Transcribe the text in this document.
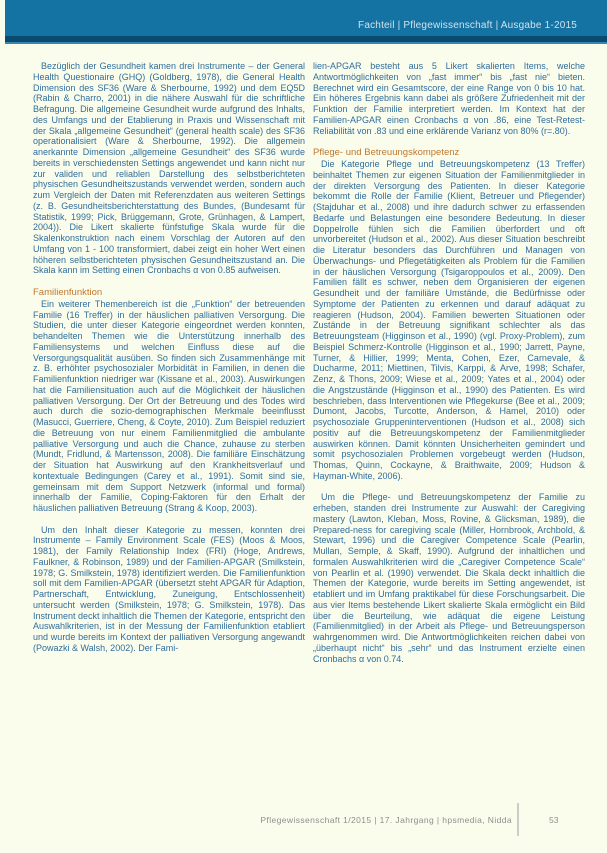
Fachteil | Pflegewissenschaft | Ausgabe 1-2015

Bezüglich der Gesundheit kamen drei Instrumente – der General Health Questionaire (GHQ) (Goldberg, 1978), die General Health Dimension des SF36 (Ware & Sherbourne, 1992) und dem EQ5D (Rabin & Charro, 2001) in die nähere Auswahl für die schriftliche Befragung. Die allgemeine Gesundheit wurde aufgrund des Inhalts, des Umfangs und der Etablierung in Praxis und Wissenschaft mit der Skala „allgemeine Gesundheit“ (general health scale) des SF36 operationalisiert (Ware & Sherbourne, 1992). Die allgemein anerkannte Dimension „allgemeine Gesundheit“ des SF36 wurde bereits in verschiedensten Settings angewendet und kann nicht nur zur validen und reliablen Darstellung des selbstberichteten physischen Gesundheitszustands verwendet werden, sondern auch zum Vergleich der Daten mit Referenzdaten aus weiteren Settings (z. B. Gesundheitsberichterstattung des Bundes, (Bundesamt für Statistik, 1999; Pick, Brüggemann, Grote, Grünhagen, & Lampert, 2004)). Die Likert skalierte fünfstufige Skala wurde für die Skalenkonstruktion nach einem Vorschlag der Autoren auf den Umfang von 1 - 100 transformiert, dabei zeigt ein hoher Wert einen höheren selbstberichteten physischen Gesundheitszustand an. Die Skala kann im Setting einen Cronbachs α von 0.85 aufweisen.

Familienfunktion

Ein weiterer Themenbereich ist die „Funktion“ der betreuenden Familie (16 Treffer) in der häuslichen palliativen Versorgung. Die Studien, die unter dieser Kategorie eingeordnet werden konnten, behandelten Themen wie die Unterstützung innerhalb des Familiensystems und welchen Einfluss diese auf die Versorgungsqualität ausüben. So finden sich Zusammenhänge mit z. B. erhöhter psychosozialer Morbidität in Familien, in denen die Familienfunktion niedriger war (Kissane et al., 2003). Auswirkungen hat die Familiensituation auch auf die Möglichkeit der häuslichen palliativen Versorgung. Der Ort der Betreuung und des Todes wird auch durch die sozio-demographischen Merkmale beeinflusst (Masucci, Guerriere, Cheng, & Coyte, 2010). Zum Beispiel reduziert die Betreuung von nur einem Familienmitglied die ambulante palliative Versorgung und auch die Chance, zuhause zu sterben (Mundt, Fridlund, & Martensson, 2008). Die familiäre Einschätzung der Situation hat Auswirkung auf den Krankheitsverlauf und kontextuale Bedingungen (Carey et al., 1991). Somit sind sie, gemeinsam mit dem Support Netzwerk (informal und formal) innerhalb der Familie, Coping-Faktoren für den Erhalt der häuslichen palliativen Betreuung (Strang & Koop, 2003).

Um den Inhalt dieser Kategorie zu messen, konnten drei Instrumente – Family Environment Scale (FES) (Moos & Moos, 1981), der Family Relationship Index (FRI) (Hoge, Andrews, Faulkner, & Robinson, 1989) und der Familien-APGAR (Smilkstein, 1978; G. Smilkstein, 1978) identifiziert werden. Die Familienfunktion soll mit dem Familien-APGAR (übersetzt steht APGAR für Adaption, Partnerschaft, Entwicklung, Zuneigung, Entschlossenheit) untersucht werden (Smilkstein, 1978; G. Smilkstein, 1978). Das Instrument deckt inhaltlich die Themen der Kategorie, entspricht den Auswahlkriterien, ist in der Messung der Familienfunktion etabliert und wurde bereits im Kontext der palliativen Versorgung angewandt (Powazki & Walsh, 2002). Der Fami-

lien-APGAR besteht aus 5 Likert skalierten Items, welche Antwortmöglichkeiten von „fast immer“ bis „fast nie“ bieten. Berechnet wird ein Gesamtscore, der eine Range von 0 bis 10 hat. Ein höheres Ergebnis kann dabei als größere Zufriedenheit mit der Funktion der Familie interpretiert werden. Im Kontext hat der Familien-APGAR einen Cronbachs α von .86, eine Test-Retest-Reliabilität von .83 und eine erklärende Varianz von 80% (r=.80).

Pflege- und Betreuungskompetenz

Die Kategorie Pflege und Betreuungskompetenz (13 Treffer) beinhaltet Themen zur eigenen Situation der Familienmitglieder in der direkten Versorgung des Patienten. In dieser Kategorie bekommt die Rolle der Familie (Klient, Betreuer und Pflegender) (Stajduhar et al., 2008) und ihre dadurch schwer zu erfassenden Bedarfe und Belastungen eine besondere Bedeutung. In dieser Doppelrolle fühlen sich die Familien überfordert und oft unvorbereitet (Hudson et al., 2002). Aus dieser Situation beschreibt die Literatur besonders das Durchführen und Managen von Überwachungs- und Pflegetätigkeiten als Problem für die Familien in der häuslichen Versorgung (Tsigaroppoulos et al., 2009). Den Familien fällt es schwer, neben dem Organisieren der eigenen Gesundheit und der familiäre Umstände, die Bedürfnisse oder Symptome der Patienten zu erkennen und darauf adäquat zu reagieren (Hudson, 2004). Familien bewerten Situationen oder Zustände in der Betreuung signifikant schlechter als das Betreuungsteam (Higginson et al., 1990) (vgl. Proxy-Problem), zum Beispiel Schmerz-Kontrolle (Higginson et al., 1990; Jarrett, Payne, Turner, & Hillier, 1999; Menta, Cohen, Ezer, Carnevale, & Ducharme, 2011; Miettinen, Tilvis, Karppi, & Arve, 1998; Schafer, Zenz, & Thons, 2009; Wiese et al., 2009; Yates et al., 2004) oder die Angstzustände (Higginson et al., 1990) des Patienten. Es wird beschrieben, dass Interventionen wie Pflegekurse (Bee et al., 2009; Dumont, Jacobs, Turcotte, Anderson, & Hamel, 2010) oder psychosoziale Gruppeninterventionen (Hudson et al., 2008) sich positiv auf die Betreuungskompetenz der Familienmitglieder auswirken können. Damit könnten Unsicherheiten gemindert und somit psychosozialen Problemen vorgebeugt werden (Hudson, Thomas, Quinn, Cockayne, & Braithwaite, 2009; Hudson & Hayman-White, 2006).

Um die Pflege- und Betreuungskompetenz der Familie zu erheben, standen drei Instrumente zur Auswahl: der Caregiving mastery (Lawton, Kleban, Moss, Rovine, & Glicksman, 1989), die Prepared-ness for caregiving scale (Miller, Hornbrook, Archbold, & Stewart, 1996) und die Caregiver Competence Scale (Pearlin, Mullan, Semple, & Skaff, 1990). Aufgrund der inhaltlichen und formalen Auswahlkriterien wird die „Caregiver Competence Scale“ von Pearlin et al. (1990) verwendet. Die Skala deckt inhaltlich die Themen der Kategorie, wurde bereits im Setting angewendet, ist etabliert und im Umfang praktikabel für diese Forschungsarbeit. Die aus vier Items bestehende Likert skalierte Skala ermöglicht ein Bild über die Beurteilung, wie adäquat die eigene Leistung (Familienmitglied) in der Arbeit als Pflege- und Betreuungsperson wahrgenommen wird. Die Antwortmöglichkeiten reichen dabei von „überhaupt nicht“ bis „sehr“ und das Instrument erzielte einen Cronbachs α von 0.74.

Pflegewissenschaft 1/2015 | 17. Jahrgang | hpsmedia, Nidda	53
